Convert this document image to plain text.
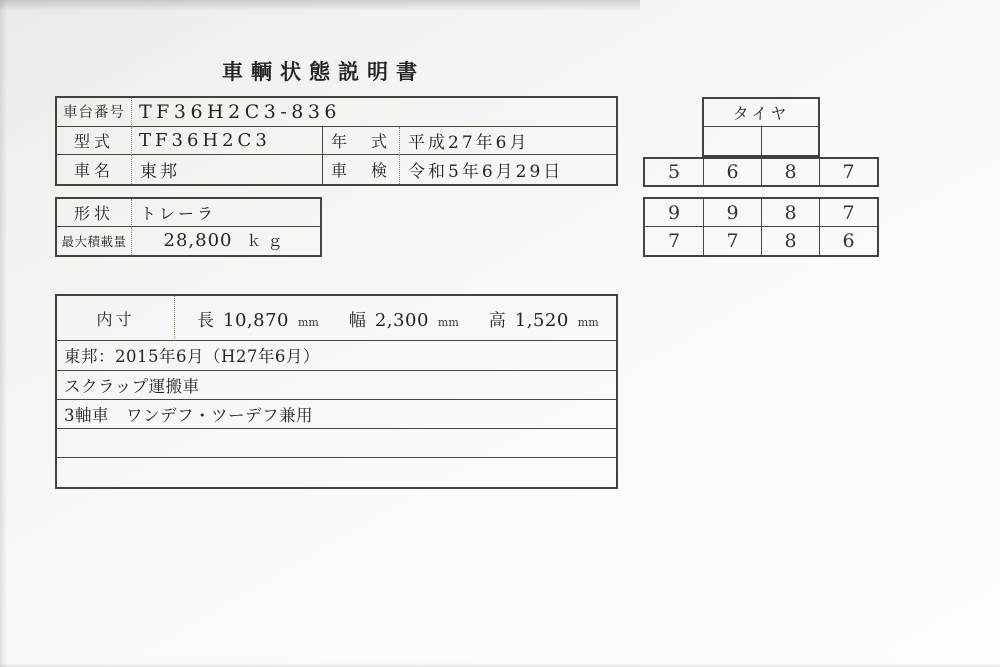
車輌状態説明書
車台番号 TF36H2C3-836
型式	TF36H2C3	年　式	平成27年6月
車名	東邦	車　検	令和5年6月29日
形状	トレーラ
最大積載量	28,800 ｋｇ
タイヤ
5	6	8	7
9	9	8	7
7	7	8	6
内寸	長 10,870 mm 幅 2,300 mm 高 1,520 mm
東邦：2015年6月（H27年6月）
スクラップ運搬車
3軸車　ワンデフ・ツーデフ兼用
